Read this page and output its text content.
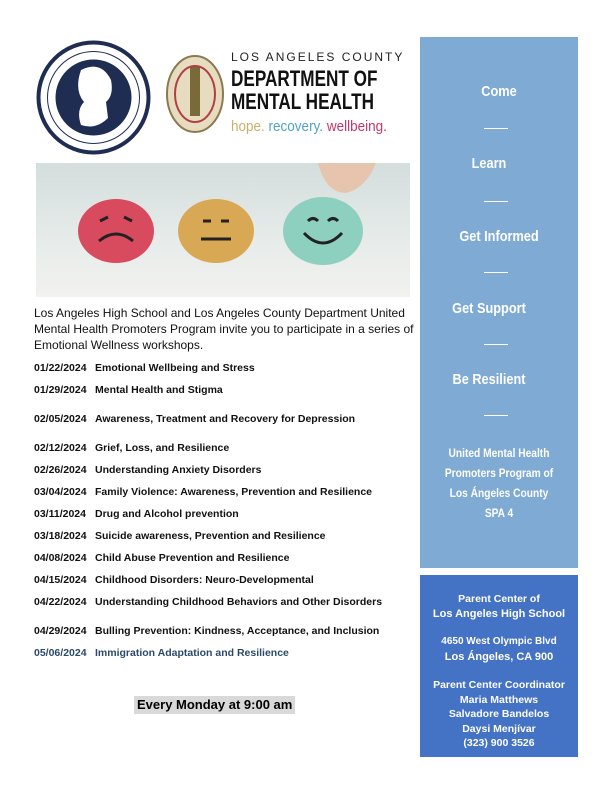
LOS ANGELES COUNTY
DEPARTMENT OF
MENTAL HEALTH
hope. recovery. wellbeing.
Los Angeles High School and Los Angeles County Department United Mental Health Promoters Program invite you to participate in a series of Emotional Wellness workshops.
01/22/2024 Emotional Wellbeing and Stress
01/29/2024 Mental Health and Stigma
02/05/2024 Awareness, Treatment and Recovery for Depression
02/12/2024 Grief, Loss, and Resilience
02/26/2024 Understanding Anxiety Disorders
03/04/2024 Family Violence: Awareness, Prevention and Resilience
03/11/2024 Drug and Alcohol prevention
03/18/2024 Suicide awareness, Prevention and Resilience
04/08/2024 Child Abuse Prevention and Resilience
04/15/2024 Childhood Disorders: Neuro-Developmental
04/22/2024 Understanding Childhood Behaviors and Other Disorders
04/29/2024 Bulling Prevention: Kindness, Acceptance, and Inclusion
05/06/2024 Immigration Adaptation and Resilience
Every Monday at 9:00 am
Come
Learn
Get Informed
Get Support
Be Resilient
United Mental Health
Promoters Program of
Los Ángeles County
SPA 4
Parent Center of
Los Angeles High School
4650 West Olympic Blvd
Los Ángeles, CA 900
Parent Center Coordinator
Maria Matthews
Salvadore Bandelos
Daysi Menjívar
(323) 900 3526
